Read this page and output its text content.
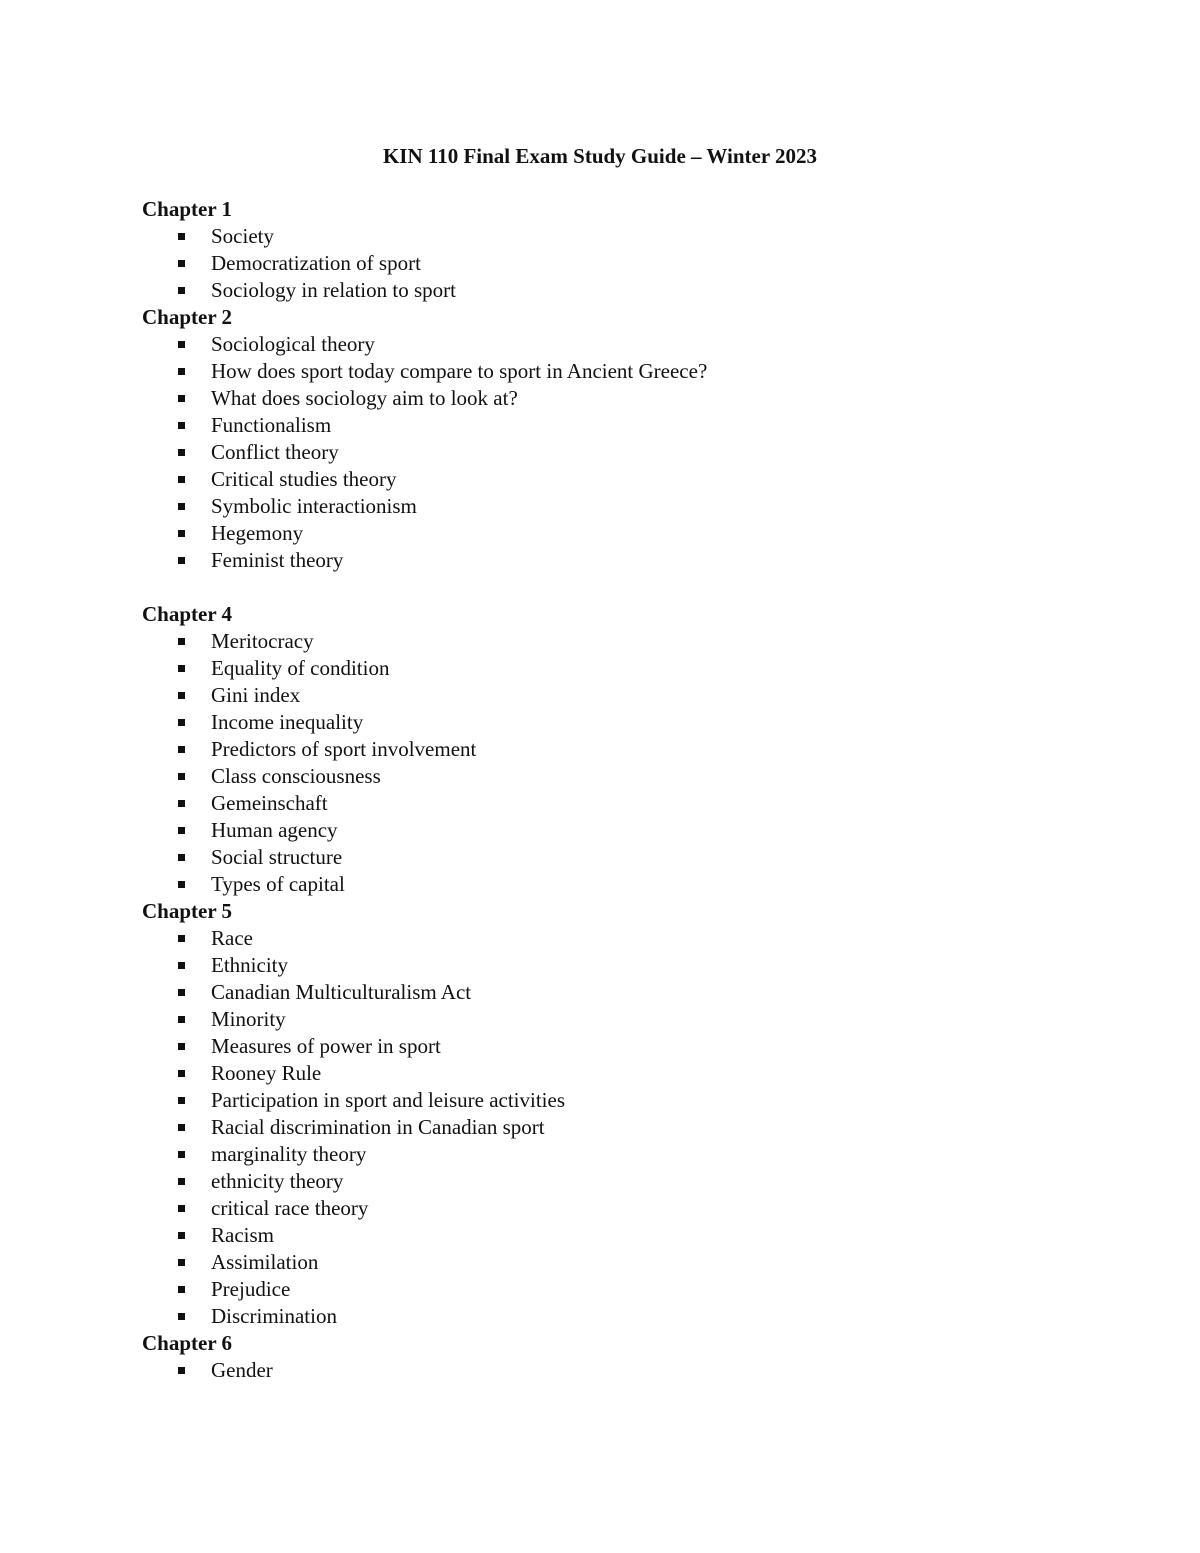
KIN 110 Final Exam Study Guide – Winter 2023
Chapter 1
Society
Democratization of sport
Sociology in relation to sport
Chapter 2
Sociological theory
How does sport today compare to sport in Ancient Greece?
What does sociology aim to look at?
Functionalism
Conflict theory
Critical studies theory
Symbolic interactionism
Hegemony
Feminist theory
Chapter 4
Meritocracy
Equality of condition
Gini index
Income inequality
Predictors of sport involvement
Class consciousness
Gemeinschaft
Human agency
Social structure
Types of capital
Chapter 5
Race
Ethnicity
Canadian Multiculturalism Act
Minority
Measures of power in sport
Rooney Rule
Participation in sport and leisure activities
Racial discrimination in Canadian sport
marginality theory
ethnicity theory
critical race theory
Racism
Assimilation
Prejudice
Discrimination
Chapter 6
Gender
